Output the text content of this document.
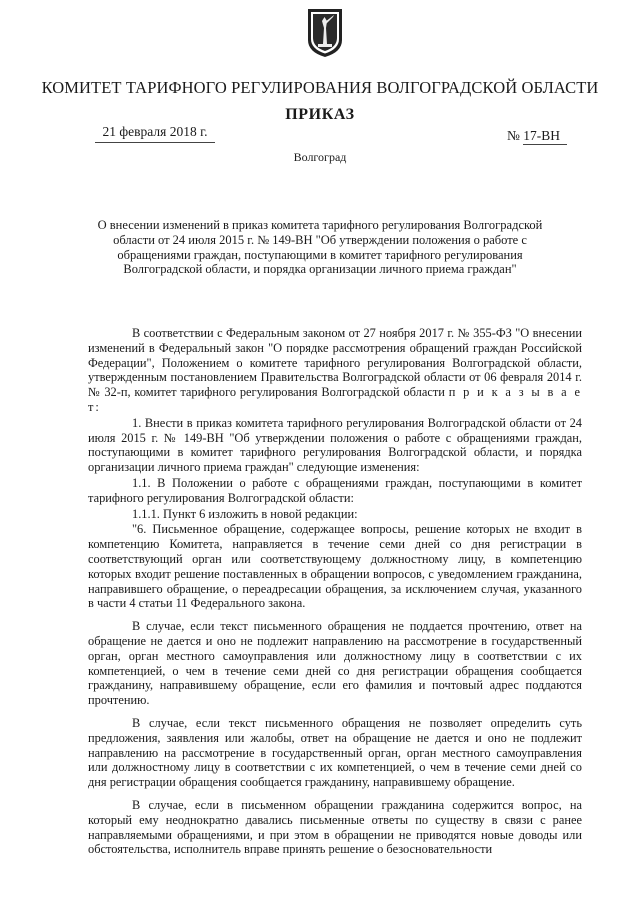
КОМИТЕТ ТАРИФНОГО РЕГУЛИРОВАНИЯ ВОЛГОГРАДСКОЙ ОБЛАСТИ
ПРИКАЗ
21 февраля 2018 г.	№ 17-ВН
Волгоград
О внесении изменений в приказ комитета тарифного регулирования Волгоградской области от 24 июля 2015 г. № 149-ВН "Об утверждении положения о работе с обращениями граждан, поступающими в комитет тарифного регулирования Волгоградской области, и порядка организации личного приема граждан"

В соответствии с Федеральным законом от 27 ноября 2017 г. № 355-ФЗ "О внесении изменений в Федеральный закон "О порядке рассмотрения обращений граждан Российской Федерации", Положением о комитете тарифного регулирования Волгоградской области, утвержденным постановлением Правительства Волгоградской области от 06 февраля 2014 г. № 32-п, комитет тарифного регулирования Волгоградской области п р и к а з ы в а е т:

1. Внести в приказ комитета тарифного регулирования Волгоградской области от 24 июля 2015 г. № 149-ВН "Об утверждении положения о работе с обращениями граждан, поступающими в комитет тарифного регулирования Волгоградской области, и порядка организации личного приема граждан" следующие изменения:

1.1. В Положении о работе с обращениями граждан, поступающими в комитет тарифного регулирования Волгоградской области:

1.1.1. Пункт 6 изложить в новой редакции:

"6. Письменное обращение, содержащее вопросы, решение которых не входит в компетенцию Комитета, направляется в течение семи дней со дня регистрации в соответствующий орган или соответствующему должностному лицу, в компетенцию которых входит решение поставленных в обращении вопросов, с уведомлением гражданина, направившего обращение, о переадресации обращения, за исключением случая, указанного в части 4 статьи 11 Федерального закона.

В случае, если текст письменного обращения не поддается прочтению, ответ на обращение не дается и оно не подлежит направлению на рассмотрение в государственный орган, орган местного самоуправления или должностному лицу в соответствии с их компетенцией, о чем в течение семи дней со дня регистрации обращения сообщается гражданину, направившему обращение, если его фамилия и почтовый адрес поддаются прочтению.

В случае, если текст письменного обращения не позволяет определить суть предложения, заявления или жалобы, ответ на обращение не дается и оно не подлежит направлению на рассмотрение в государственный орган, орган местного самоуправления или должностному лицу в соответствии с их компетенцией, о чем в течение семи дней со дня регистрации обращения сообщается гражданину, направившему обращение.

В случае, если в письменном обращении гражданина содержится вопрос, на который ему неоднократно давались письменные ответы по существу в связи с ранее направляемыми обращениями, и при этом в обращении не приводятся новые доводы или обстоятельства, исполнитель вправе принять решение о безосновательности
